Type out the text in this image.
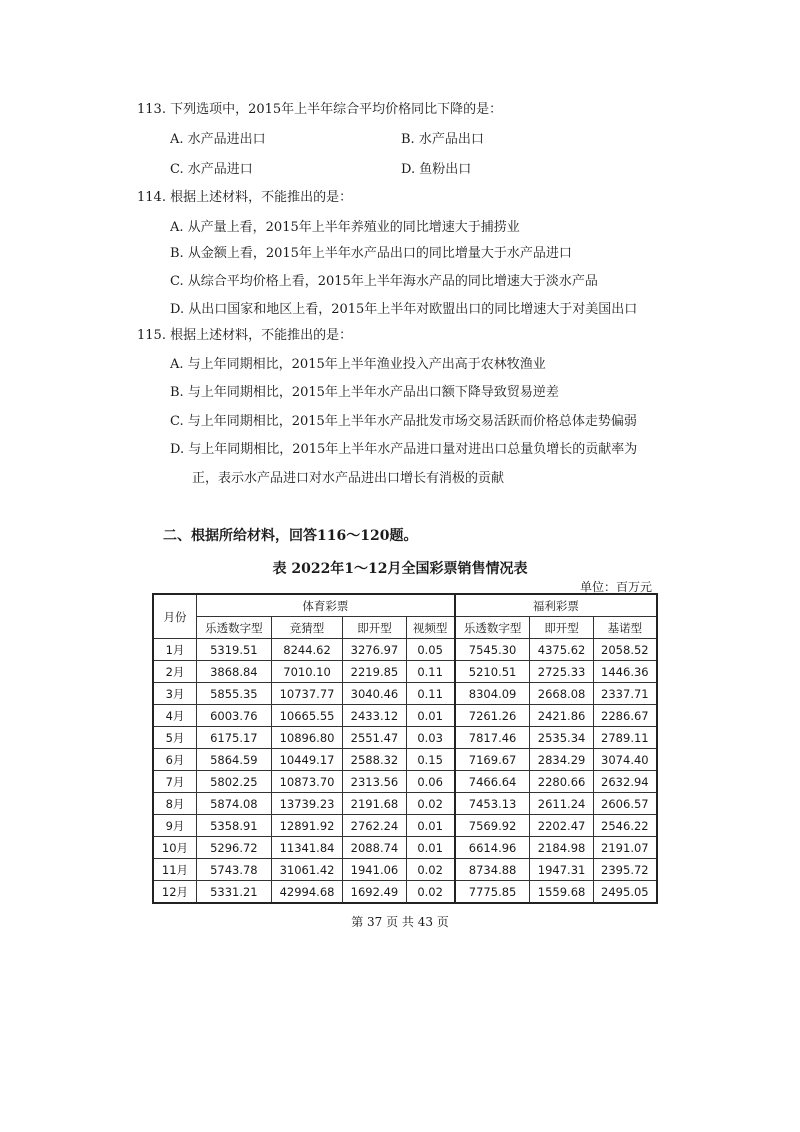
113. 下列选项中，2015年上半年综合平均价格同比下降的是：
A. 水产品进出口	B. 水产品出口
C. 水产品进口	D. 鱼粉出口
114. 根据上述材料，不能推出的是：
A. 从产量上看，2015年上半年养殖业的同比增速大于捕捞业
B. 从金额上看，2015年上半年水产品出口的同比增量大于水产品进口
C. 从综合平均价格上看，2015年上半年海水产品的同比增速大于淡水产品
D. 从出口国家和地区上看，2015年上半年对欧盟出口的同比增速大于对美国出口
115. 根据上述材料，不能推出的是：
A. 与上年同期相比，2015年上半年渔业投入产出高于农林牧渔业
B. 与上年同期相比，2015年上半年水产品出口额下降导致贸易逆差
C. 与上年同期相比，2015年上半年水产品批发市场交易活跃而价格总体走势偏弱
D. 与上年同期相比，2015年上半年水产品进口量对进出口总量负增长的贡献率为
正，表示水产品进口对水产品进出口增长有消极的贡献
二、根据所给材料，回答116～120题。
表 2022年1～12月全国彩票销售情况表
单位：百万元
月份	体育彩票				福利彩票		
	乐透数字型	竞猜型	即开型	视频型	乐透数字型	即开型	基诺型
1月	5319.51	8244.62	3276.97	0.05	7545.30	4375.62	2058.52
2月	3868.84	7010.10	2219.85	0.11	5210.51	2725.33	1446.36
3月	5855.35	10737.77	3040.46	0.11	8304.09	2668.08	2337.71
4月	6003.76	10665.55	2433.12	0.01	7261.26	2421.86	2286.67
5月	6175.17	10896.80	2551.47	0.03	7817.46	2535.34	2789.11
6月	5864.59	10449.17	2588.32	0.15	7169.67	2834.29	3074.40
7月	5802.25	10873.70	2313.56	0.06	7466.64	2280.66	2632.94
8月	5874.08	13739.23	2191.68	0.02	7453.13	2611.24	2606.57
9月	5358.91	12891.92	2762.24	0.01	7569.92	2202.47	2546.22
10月	5296.72	11341.84	2088.74	0.01	6614.96	2184.98	2191.07
11月	5743.78	31061.42	1941.06	0.02	8734.88	1947.31	2395.72
12月	5331.21	42994.68	1692.49	0.02	7775.85	1559.68	2495.05
第 37 页 共 43 页
